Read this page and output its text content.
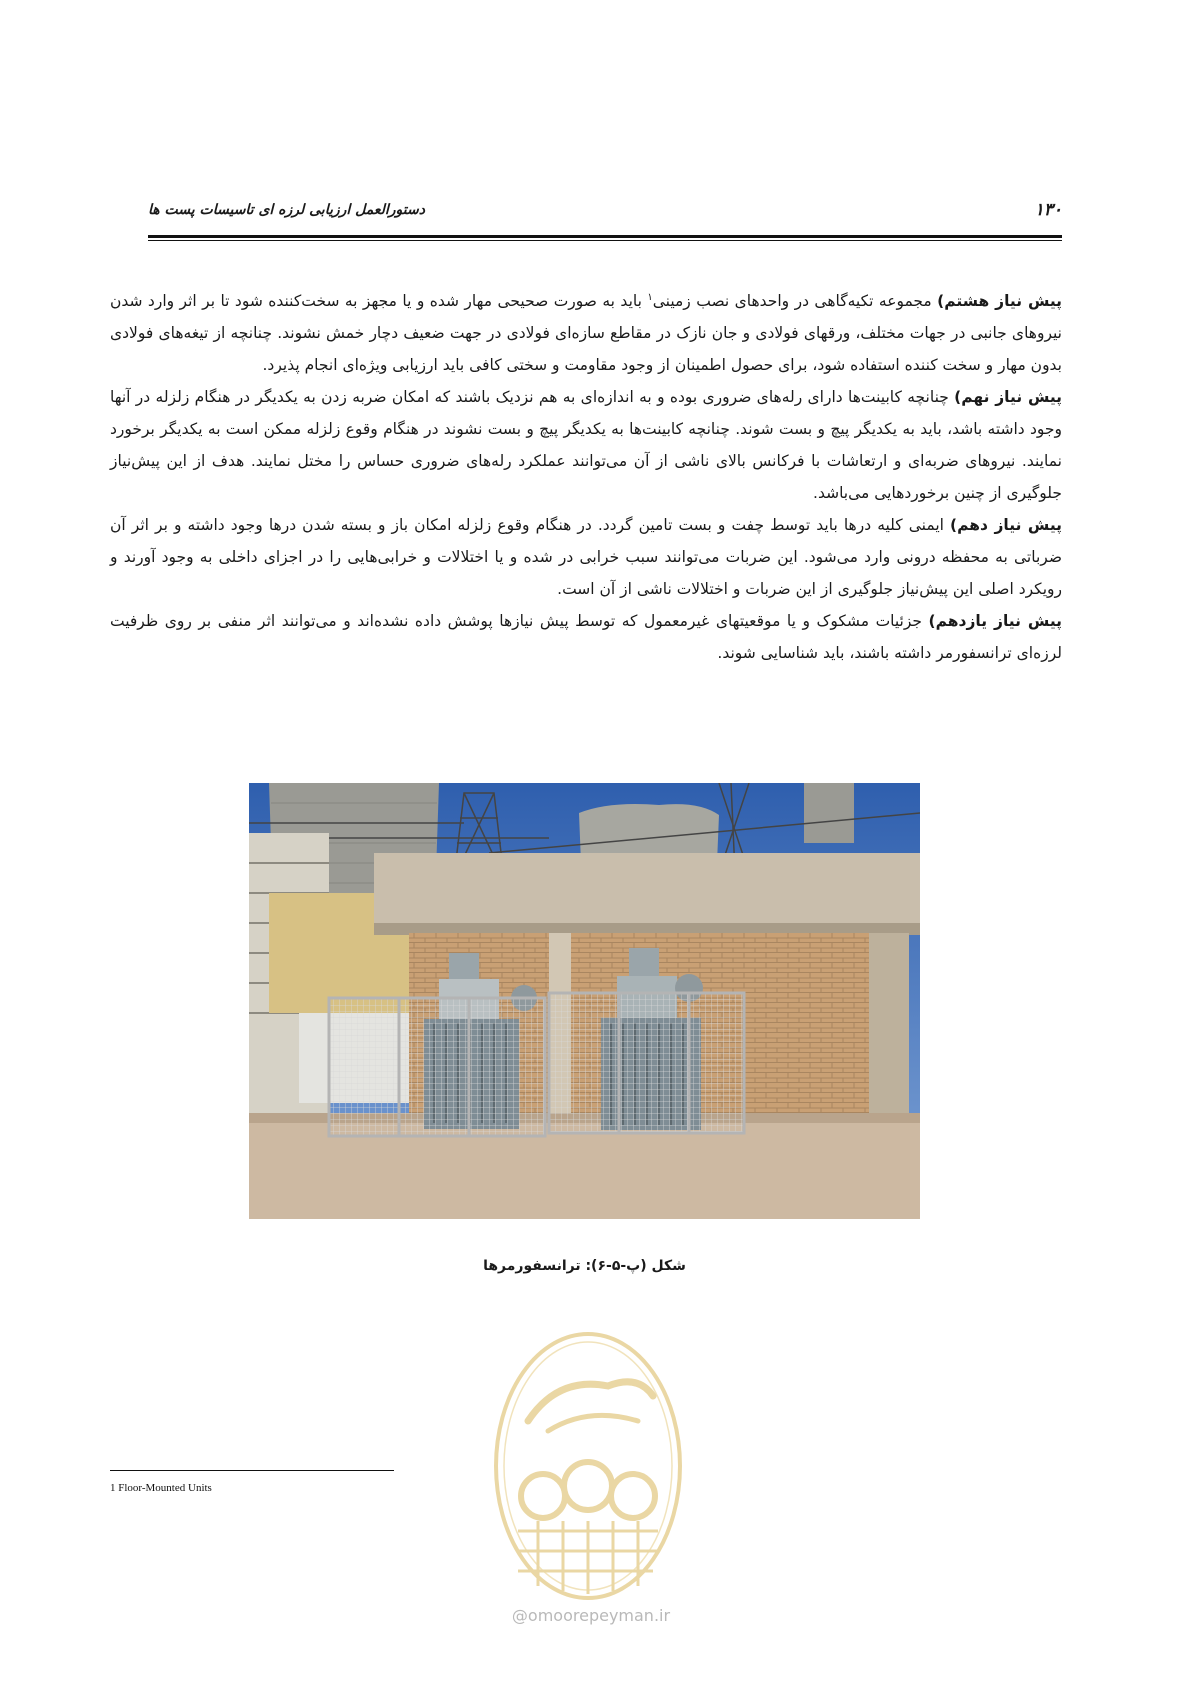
۱۳۰
دستورالعمل ارزیابی لرزه ای تاسیسات پست ها

پیش نیاز هشتم) مجموعه تکیه‌گاهی در واحدهای نصب زمینی$^۱$ باید به صورت صحیحی مهار شده و یا مجهز به سخت‌کننده شود تا بر اثر وارد شدن نیروهای جانبی در جهات مختلف، ورقهای فولادی و جان نازک در مقاطع سازه‌ای فولادی در جهت ضعیف دچار خمش نشوند. چنانچه از تیغه‌های فولادی بدون مهار و سخت کننده استفاده شود، برای حصول اطمینان از وجود مقاومت و سختی کافی باید ارزیابی ویژه‌ای انجام پذیرد.

پیش نیاز نهم) چنانچه کابینت‌ها دارای رله‌های ضروری بوده و به اندازه‌ای به هم نزدیک باشند که امکان ضربه زدن به یکدیگر در هنگام زلزله در آنها وجود داشته باشد، باید به یکدیگر پیچ و بست شوند. چنانچه کابینت‌ها به یکدیگر پیچ و بست نشوند در هنگام وقوع زلزله ممکن است به یکدیگر برخورد نمایند. نیروهای ضربه‌ای و ارتعاشات با فرکانس بالای ناشی از آن می‌توانند عملکرد رله‌های ضروری حساس را مختل نمایند. هدف از این پیش‌نیاز جلوگیری از چنین برخوردهایی می‌باشد.

پیش نیاز دهم) ایمنی کلیه درها باید توسط چفت و بست تامین گردد. در هنگام وقوع زلزله امکان باز و بسته شدن درها وجود داشته و بر اثر آن ضرباتی به محفظه درونی وارد می‌شود. این ضربات می‌توانند سبب خرابی در شده و یا اختلالات و خرابی‌هایی را در اجزای داخلی به وجود آورند و رویکرد اصلی این پیش‌نیاز جلوگیری از این ضربات و اختلالات ناشی از آن است.

پیش نیاز یازدهم) جزئیات مشکوک و یا موقعیتهای غیرمعمول که توسط پیش نیازها پوشش داده نشده‌اند و می‌توانند اثر منفی بر روی ظرفیت لرزه‌ای ترانسفورمر داشته باشند، باید شناسایی شوند.

شکل (پ-۵-۶): ترانسفورمرها
@omoorepeyman.ir
1 Floor-Mounted Units
